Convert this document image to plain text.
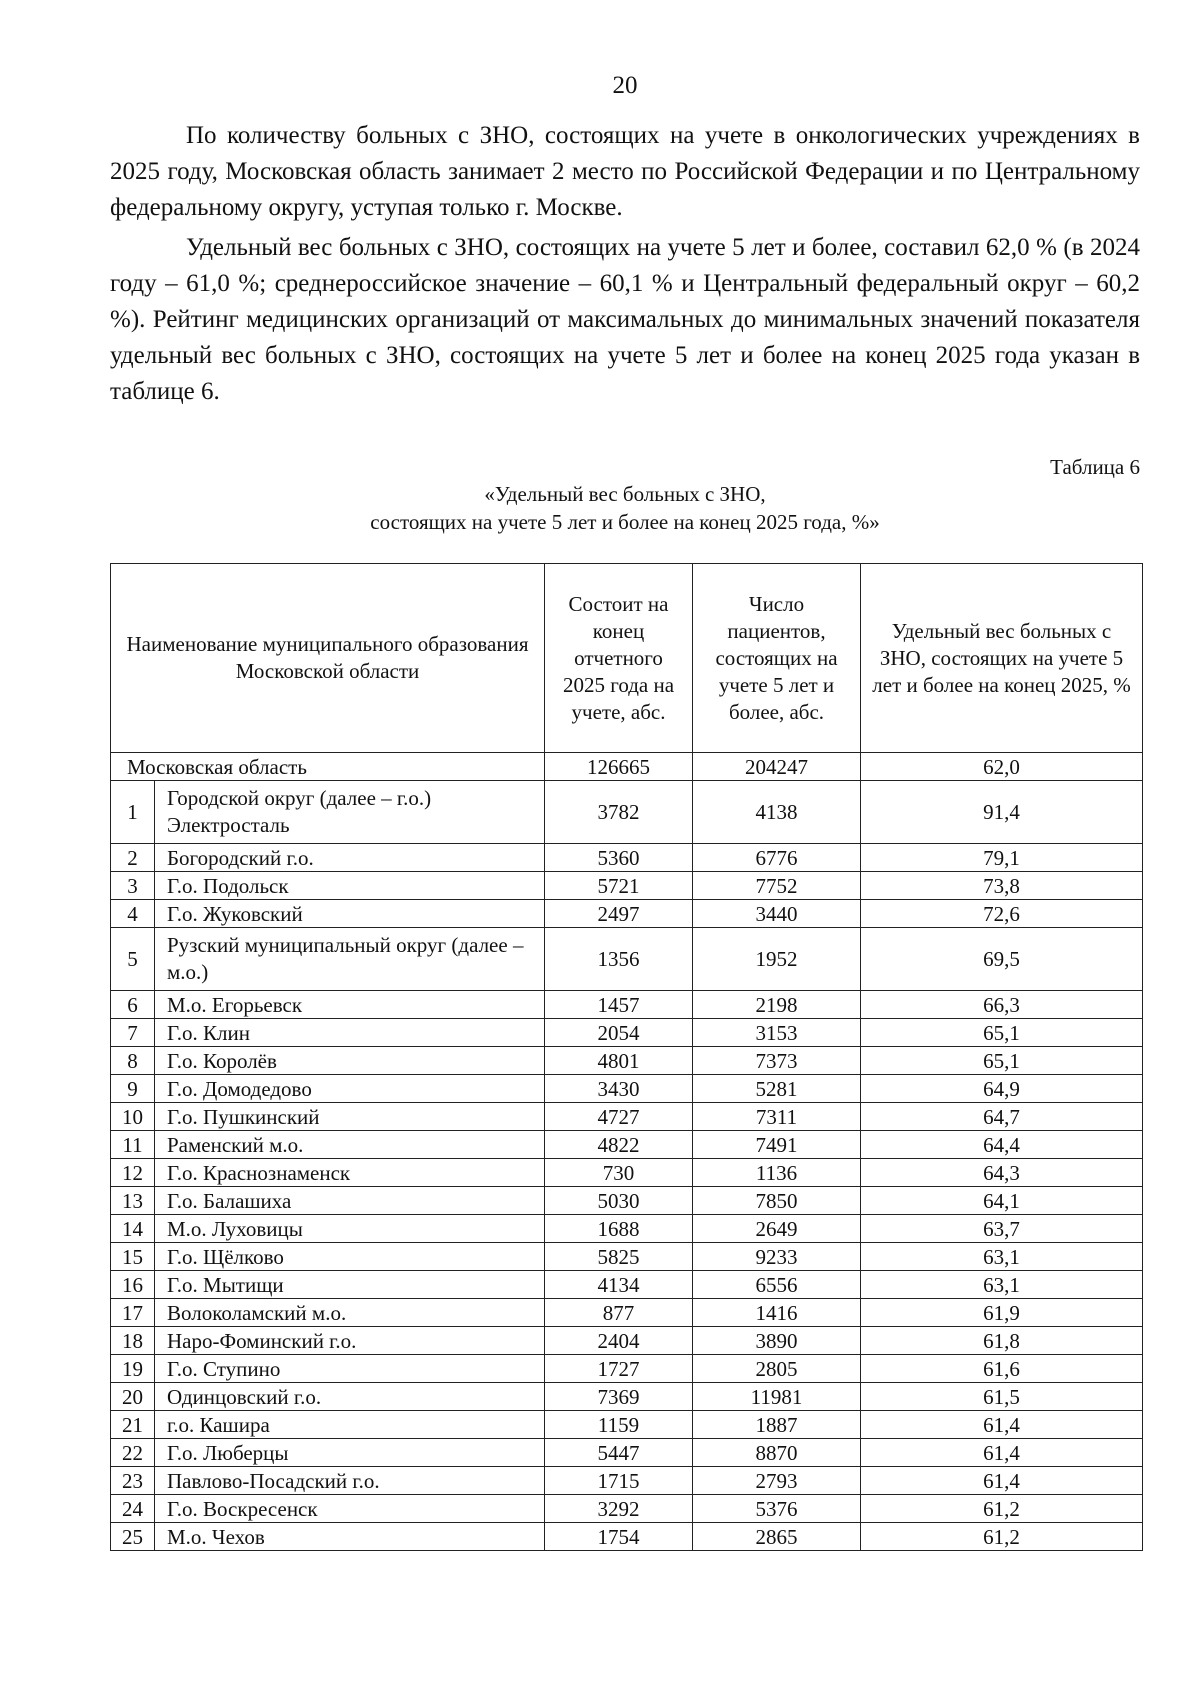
20

По количеству больных с ЗНО, состоящих на учете в онкологических учреждениях в 2025 году, Московская область занимает 2 место по Российской Федерации и по Центральному федеральному округу, уступая только г. Москве.

Удельный вес больных с ЗНО, состоящих на учете 5 лет и более, составил 62,0 % (в 2024 году – 61,0 %; среднероссийское значение – 60,1 % и Центральный федеральный округ – 60,2 %). Рейтинг медицинских организаций от максимальных до минимальных значений показателя удельный вес больных с ЗНО, состоящих на учете 5 лет и более на конец 2025 года указан в таблице 6.

Таблица 6
«Удельный вес больных с ЗНО,
состоящих на учете 5 лет и более на конец 2025 года, %»
Наименование муниципального образования Московской области		Состоит на конец отчетного 2025 года на учете, абс.	Число пациентов, состоящих на учете 5 лет и более, абс.	Удельный вес больных с ЗНО, состоящих на учете 5 лет и более на конец 2025, %
Московская область		126665	204247	62,0
1	Городской округ (далее – г.о.) Электросталь	3782	4138	91,4
2	Богородский г.о.	5360	6776	79,1
3	Г.о. Подольск	5721	7752	73,8
4	Г.о. Жуковский	2497	3440	72,6
5	Рузский муниципальный округ (далее – м.о.)	1356	1952	69,5
6	М.о. Егорьевск	1457	2198	66,3
7	Г.о. Клин	2054	3153	65,1
8	Г.о. Королёв	4801	7373	65,1
9	Г.о. Домодедово	3430	5281	64,9
10	Г.о. Пушкинский	4727	7311	64,7
11	Раменский м.о.	4822	7491	64,4
12	Г.о. Краснознаменск	730	1136	64,3
13	Г.о. Балашиха	5030	7850	64,1
14	М.о. Луховицы	1688	2649	63,7
15	Г.о. Щёлково	5825	9233	63,1
16	Г.о. Мытищи	4134	6556	63,1
17	Волоколамский м.о.	877	1416	61,9
18	Наро-Фоминский г.о.	2404	3890	61,8
19	Г.о. Ступино	1727	2805	61,6
20	Одинцовский г.о.	7369	11981	61,5
21	г.о. Кашира	1159	1887	61,4
22	Г.о. Люберцы	5447	8870	61,4
23	Павлово-Посадский г.о.	1715	2793	61,4
24	Г.о. Воскресенск	3292	5376	61,2
25	М.о. Чехов	1754	2865	61,2
